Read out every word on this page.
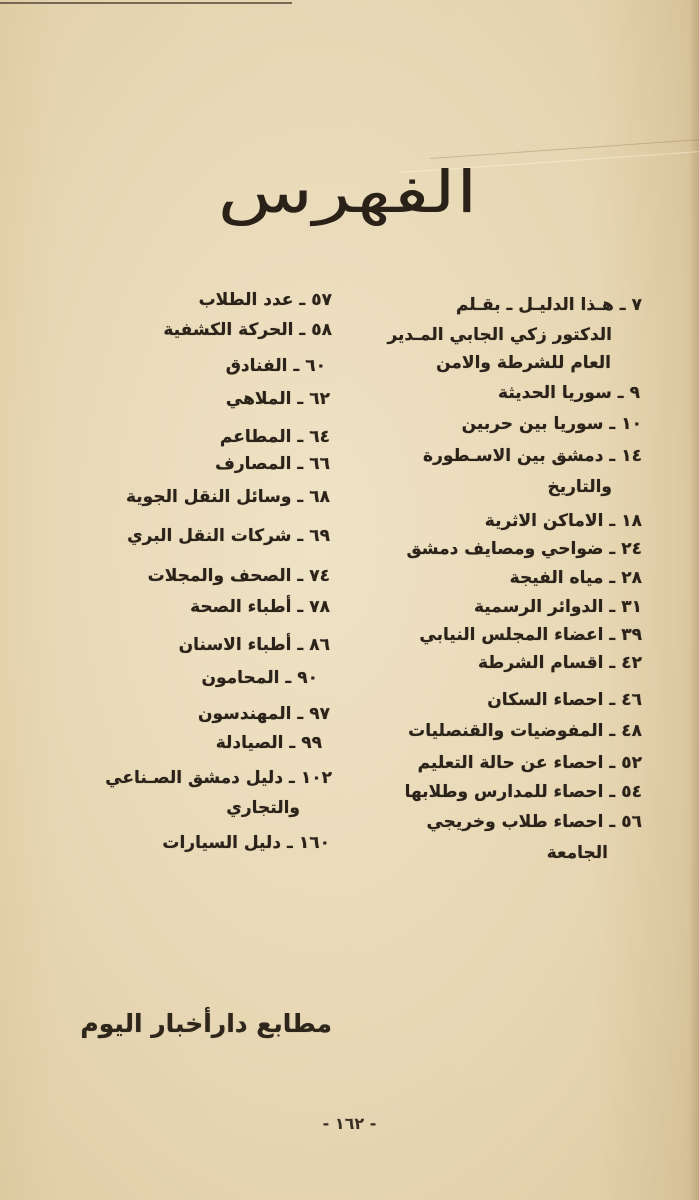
الفهرس
٧ـهـذا الدليـل ـ بقـلم
الدكتور زكي الجابي المـدير
العام للشرطة والامن
٩ـسوريا الحديثة
١٠ـسوريا بين حربين
١٤ـدمشق بين الاسـطورة
والتاريخ
١٨ـالاماكن الاثرية
٢٤ـضواحي ومصايف دمشق
٢٨ـمياه الفيجة
٣١ـالدوائر الرسمية
٣٩ـاعضاء المجلس النيابي
٤٢ـاقسام الشرطة
٤٦ـاحصاء السكان
٤٨ـالمفوضيات والقنصليات
٥٢ـاحصاء عن حالة التعليم
٥٤ـاحصاء للمدارس وطلابها
٥٦ـاحصاء طلاب وخريجي
الجامعة
٥٧ـعدد الطلاب
٥٨ـالحركة الكشفية
٦٠ـالفنادق
٦٢ـالملاهي
٦٤ـالمطاعم
٦٦ـالمصارف
٦٨ـوسائل النقل الجوية
٦٩ـشركات النقل البري
٧٤ـالصحف والمجلات
٧٨ـأطباء الصحة
٨٦ـأطباء الاسنان
٩٠ـالمحامون
٩٧ـالمهندسون
٩٩ـالصيادلة
١٠٢ـدليل دمشق الصـناعي
والتجاري
١٦٠ـدليل السيارات
مطابع دارأخبار اليوم
- ١٦٢ -
